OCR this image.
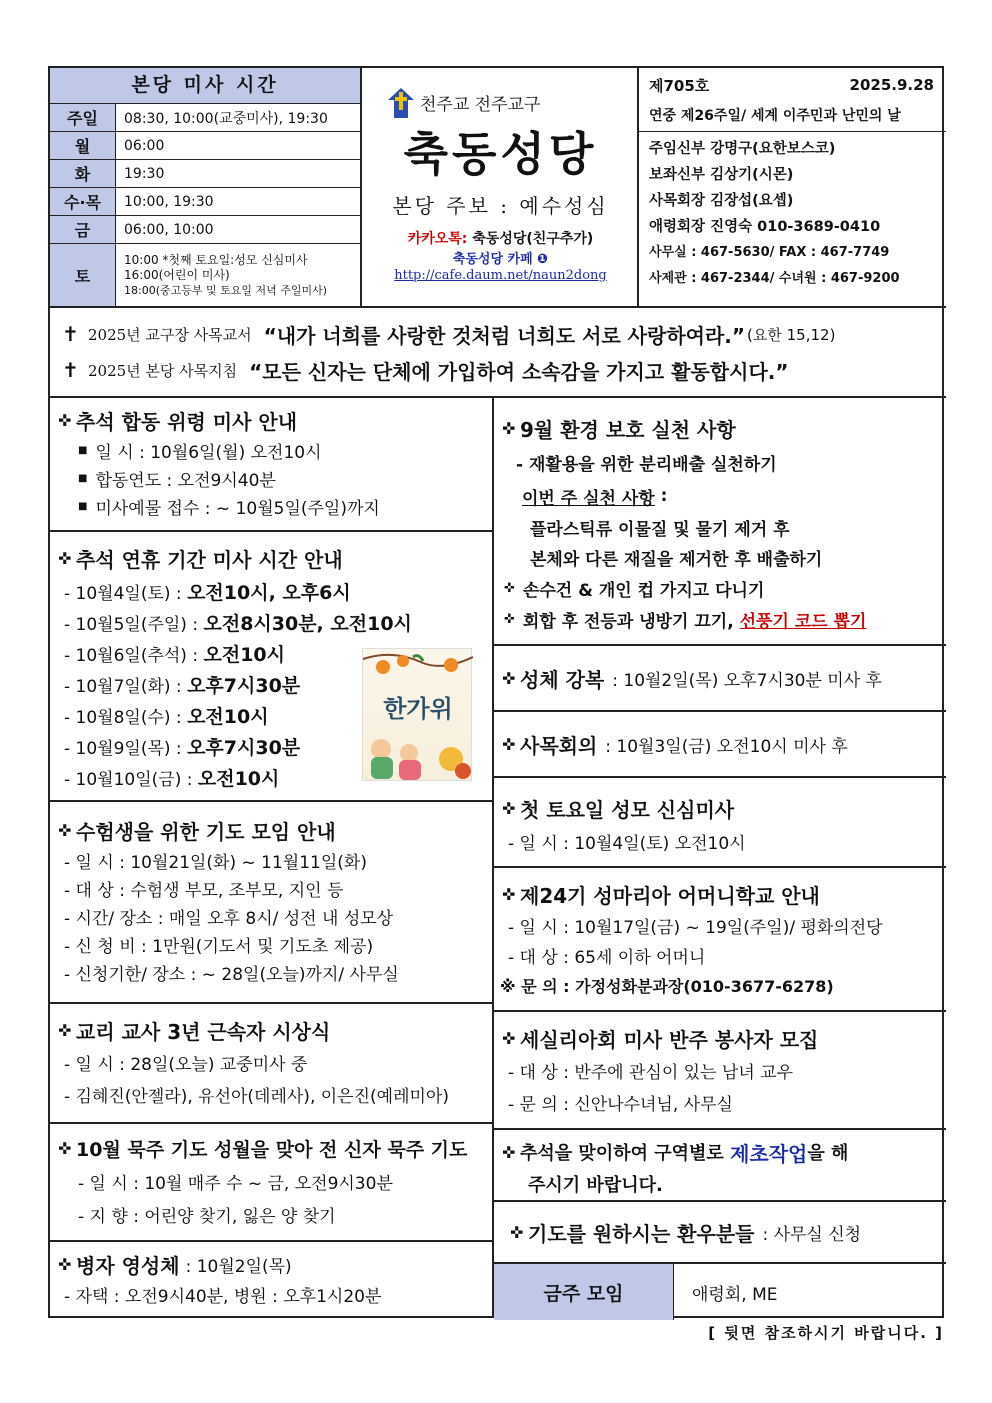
본당 미사 시간
주일	08:30, 10:00(교중미사), 19:30
월	06:00
화	19:30
수·목	10:00, 19:30
금	06:00, 10:00
토
10:00 *첫째 토요일:성모 신심미사
16:00(어린이 미사)
18:00(중고등부 및 토요일 저녁 주일미사)
천주교 전주교구
축동성당
본당 주보 : 예수성심
카카오톡: 축동성당(친구추가)
축동성당 카페 ❶
http://cafe.daum.net/naun2dong
제705호	2025.9.28
연중 제26주일/ 세계 이주민과 난민의 날
주임신부 강명구(요한보스코)
보좌신부 김상기(시몬)
사목회장 김장섭(요셉)
애령회장 진영숙 010-3689-0410
사무실 : 467-5630/ FAX : 467-7749
사제관 : 467-2344/ 수녀원 : 467-9200
✝ 2025년 교구장 사목교서 “내가 너희를 사랑한 것처럼 너희도 서로 사랑하여라.” (요한 15,12)
✝ 2025년 본당 사목지침 “모든 신자는 단체에 가입하여 소속감을 가지고 활동합시다.”
✜ 추석 합동 위령 미사 안내
■ 일 시 : 10월6일(월) 오전10시
■ 합동연도 : 오전9시40분
■ 미사예물 접수 : ~ 10월5일(주일)까지
✜ 추석 연휴 기간 미사 시간 안내
- 10월4일(토) :
오전10시, 오후6시
- 10월5일(주일) :
오전8시30분, 오전10시
- 10월6일(추석) :
오전10시
- 10월7일(화) :
오후7시30분
- 10월8일(수) :
오전10시
- 10월9일(목) :
오후7시30분
- 10월10일(금) :
오전10시
✜ 수험생을 위한 기도 모임 안내
- 일 시 : 10월21일(화) ~ 11월11일(화)
- 대 상 : 수험생 부모, 조부모, 지인 등
- 시간/ 장소 : 매일 오후 8시/ 성전 내 성모상
- 신 청 비 : 1만원(기도서 및 기도초 제공)
- 신청기한/ 장소 : ~ 28일(오늘)까지/ 사무실
✜ 교리 교사 3년 근속자 시상식
- 일 시 : 28일(오늘) 교중미사 중
- 김혜진(안젤라), 유선아(데레사), 이은진(예레미아)
✜ 10월 묵주 기도 성월을 맞아 전 신자 묵주 기도
- 일 시 : 10월 매주 수 ~ 금, 오전9시30분
- 지 향 : 어린양 찾기, 잃은 양 찾기
✜ 병자 영성체 : 10월2일(목)
- 자택 : 오전9시40분, 병원 : 오후1시20분
✜ 9월 환경 보호 실천 사항
- 재활용을 위한 분리배출 실천하기
이번 주 실천 사항
:
플라스틱류 이물질 및 물기 제거 후
본체와 다른 재질을 제거한 후 배출하기
✜ 손수건 & 개인 컵 가지고 다니기
✜ 회합 후 전등과 냉방기 끄기,
선풍기 코드 뽑기
✜ 성체 강복 : 10월2일(목) 오후7시30분 미사 후
✜ 사목회의 : 10월3일(금) 오전10시 미사 후
✜ 첫 토요일 성모 신심미사
- 일 시 : 10월4일(토) 오전10시
✜ 제24기 성마리아 어머니학교 안내
- 일 시 : 10월17일(금) ~ 19일(주일)/ 평화의전당
- 대 상 : 65세 이하 어머니
※ 문 의 : 가정성화분과장(010-3677-6278)
✜ 세실리아회 미사 반주 봉사자 모집
- 대 상 : 반주에 관심이 있는 남녀 교우
- 문 의 : 신안나수녀님, 사무실
✜ 추석을 맞이하여 구역별로
제초작업 을 해
주시기 바랍니다.
✜ 기도를 원하시는 환우분들 : 사무실 신청
금주 모임	애령회, ME
한가위
[ 뒷면 참조하시기 바랍니다. ]
